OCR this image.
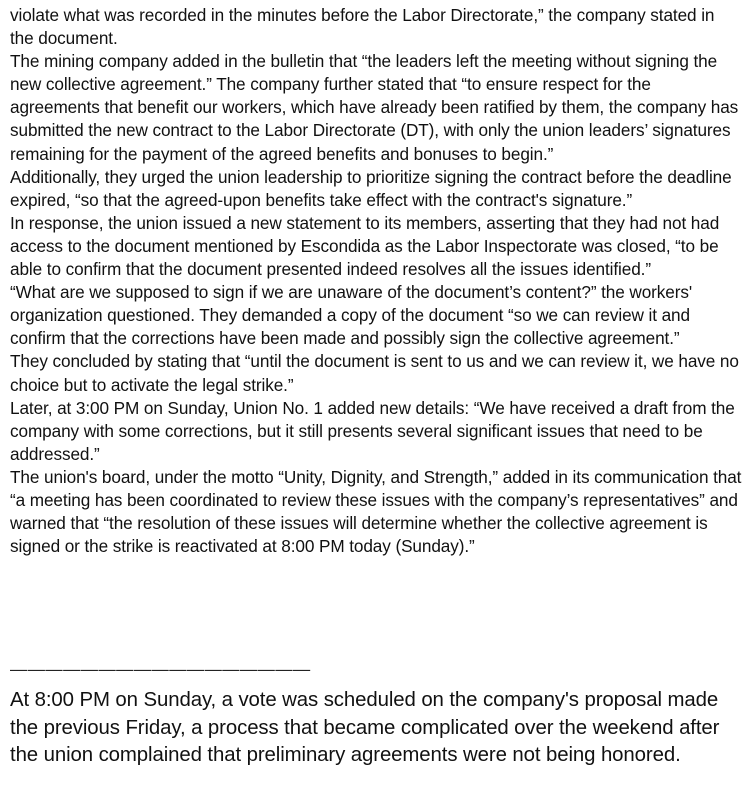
violate what was recorded in the minutes before the Labor Directorate,” the company stated in the document.

The mining company added in the bulletin that “the leaders left the meeting without signing the new collective agreement.” The company further stated that “to ensure respect for the agreements that benefit our workers, which have already been ratified by them, the company has submitted the new contract to the Labor Directorate (DT), with only the union leaders’ signatures remaining for the payment of the agreed benefits and bonuses to begin.”

Additionally, they urged the union leadership to prioritize signing the contract before the deadline expired, “so that the agreed-upon benefits take effect with the contract's signature.”

In response, the union issued a new statement to its members, asserting that they had not had access to the document mentioned by Escondida as the Labor Inspectorate was closed, “to be able to confirm that the document presented indeed resolves all the issues identified.”

“What are we supposed to sign if we are unaware of the document’s content?” the workers' organization questioned. They demanded a copy of the document “so we can review it and confirm that the corrections have been made and possibly sign the collective agreement.”

They concluded by stating that “until the document is sent to us and we can review it, we have no choice but to activate the legal strike.”

Later, at 3:00 PM on Sunday, Union No. 1 added new details: “We have received a draft from the company with some corrections, but it still presents several significant issues that need to be addressed.”

The union's board, under the motto “Unity, Dignity, and Strength,” added in its communication that “a meeting has been coordinated to review these issues with the company’s representatives” and warned that “the resolution of these issues will determine whether the collective agreement is signed or the strike is reactivated at 8:00 PM today (Sunday).”

—————————————————

At 8:00 PM on Sunday, a vote was scheduled on the company's proposal made the previous Friday, a process that became complicated over the weekend after the union complained that preliminary agreements were not being honored.
